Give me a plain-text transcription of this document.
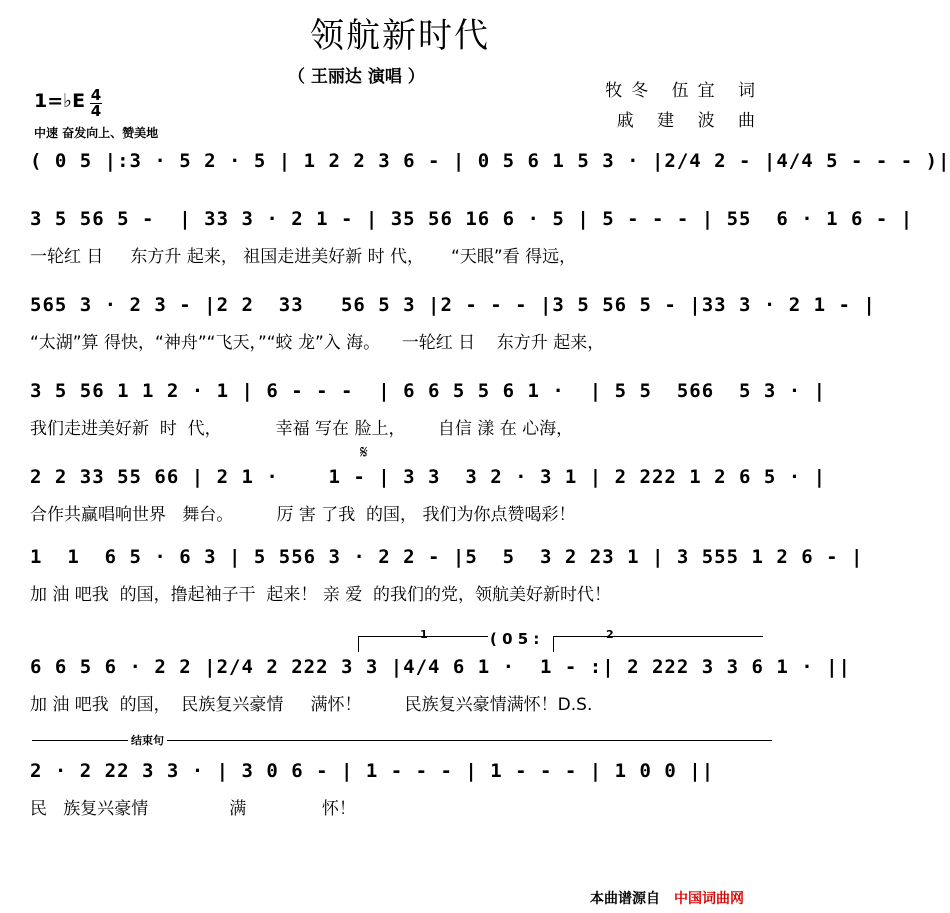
领航新时代
（ 王丽达 演唱 ）
牧冬 伍宜 词
戚 建 波 曲
1=♭E 4
4
中速 奋发向上、赞美地
( 0 5 |:3 · 5 2 · 5 | 1 2 2 3 6 - | 0 5 6 1 5 3 · |2/4 2 - |4/4 5 - - - )|
3 5 56 5 -  | 33 3 · 2 1 - | 35 56 16 6 · 5 | 5 - - - | 55  6 · 1 6 - |
一轮红 日     东方升 起来， 祖国走进美好新 时 代，     “天眼”看 得远，
565 3 · 2 3 - |2 2  33   56 5 3 |2 - - - |3 5 56 5 - |33 3 · 2 1 - |
“太湖”算 得快，“神舟”“飞天，”“蛟 龙”入 海。    一轮红 日    东方升 起来，
3 5 56 1 1 2 · 1 | 6 - - -  | 6 6 5 5 6 1 ·  | 5 5  566  5 3 · |
我们走进美好新  时  代，          幸福 写在 脸上，      自信 漾 在 心海，
𝄋
2 2 33 55 66 | 2 1 ·    1 - | 3 3  3 2 · 3 1 | 2 222 1 2 6 5 · |
合作共赢唱响世界   舞台。        厉 害 了我  的国， 我们为你点赞喝彩！
1  1  6 5 · 6 3 | 5 556 3 · 2 2 - |5  5  3 2 23 1 | 3 555 1 2 6 - |
加 油 吧我  的国，撸起袖子干  起来！ 亲 爱  的我们的党，领航美好新时代！
1	( 0 5 :	2
6 6 5 6 · 2 2 |2/4 2 222 3 3 |4/4 6 1 ·  1 - :| 2 222 3 3 6 1 · ||
加 油 吧我  的国，  民族复兴豪情     满怀！        民族复兴豪情满怀！D.S.
结束句
2 · 2 22 3 3 · | 3 0 6 - | 1 - - - | 1 - - - | 1 0 0 ||
民   族复兴豪情               满              怀！
本曲谱源自 中国词曲网
